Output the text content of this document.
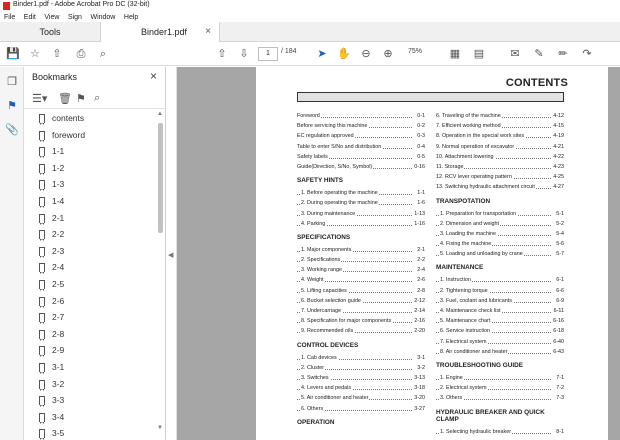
Binder1.pdf - Adobe Acrobat Pro DC (32-bit)
File Edit View Sign Window Help
Tools	Binder1.pdf ×
💾 ☆ ⇧ ⎙	⌕	⇧ ⇩	1	/ 184 ➤ ✋ ⊖ ⊕	75%	▦ ▤ ✉ ✎ ✏ ↷
❐
⚑
📎
Bookmarks	×
☰▾ 🗑 ⚑ ⌕
contents
foreword
1-1
1-2
1-3
1-4
2-1
2-2
2-3
2-4
2-5
2-6
2-7
2-8
2-9
3-1
3-2
3-3
3-4
3-5
▲
▼
◀
CONTENTS
Foreword	0-1
Before servicing this machine	0-2
EC regulation approved	0-3
Table to enter S/No and distribution	0-4
Safety labels	0-5
Guide(Direction, S/No, Symbol)	0-16
SAFETY HINTS
1. Before operating the machine	1-1
2. During operating the machine	1-6
3. During maintenance	1-13
4. Parking	1-16
SPECIFICATIONS
1. Major components	2-1
2. Specifications	2-2
3. Working range	2-4
4. Weight	2-6
5. Lifting capacities	2-8
6. Bucket selection guide	2-12
7. Undercarriage	2-14
8. Specification for major components	2-16
9. Recommended oils	2-20
CONTROL DEVICES
1. Cab devices	3-1
2. Cluster	3-2
3. Switches	3-13
4. Levers and pedals	3-18
5. Air conditioner and heater	3-20
6. Others	3-27
OPERATION
6. Traveling of the machine	4-12
7. Efficient working method	4-15
8. Operation in the special work sites	4-19
9. Normal operation of excavator	4-21
10. Attachment lowering	4-22
11. Storage	4-23
12. RCV lever operating pattern	4-25
13. Switching hydraulic attachment circuit	4-27
TRANSPOTATION
1. Preparation for transportation	5-1
2. Dimension and weight	5-2
3. Loading the machine	5-4
4. Fixing the machine	5-6
5. Loading and unloading by crane	5-7
MAINTENANCE
1. Instruction	6-1
2. Tightening torque	6-6
3. Fuel, coolant and lubricants	6-9
4. Maintenance check list	6-11
5. Maintenance chart	6-16
6. Service instruction	6-18
7. Electrical system	6-40
8. Air conditioner and heater	6-43
TROUBLESHOOTING GUIDE
1. Engine	7-1
2. Electrical system	7-2
3. Others	7-3
HYDRAULIC BREAKER AND QUICK CLAMP
1. Selecting hydraulic breaker	8-1
